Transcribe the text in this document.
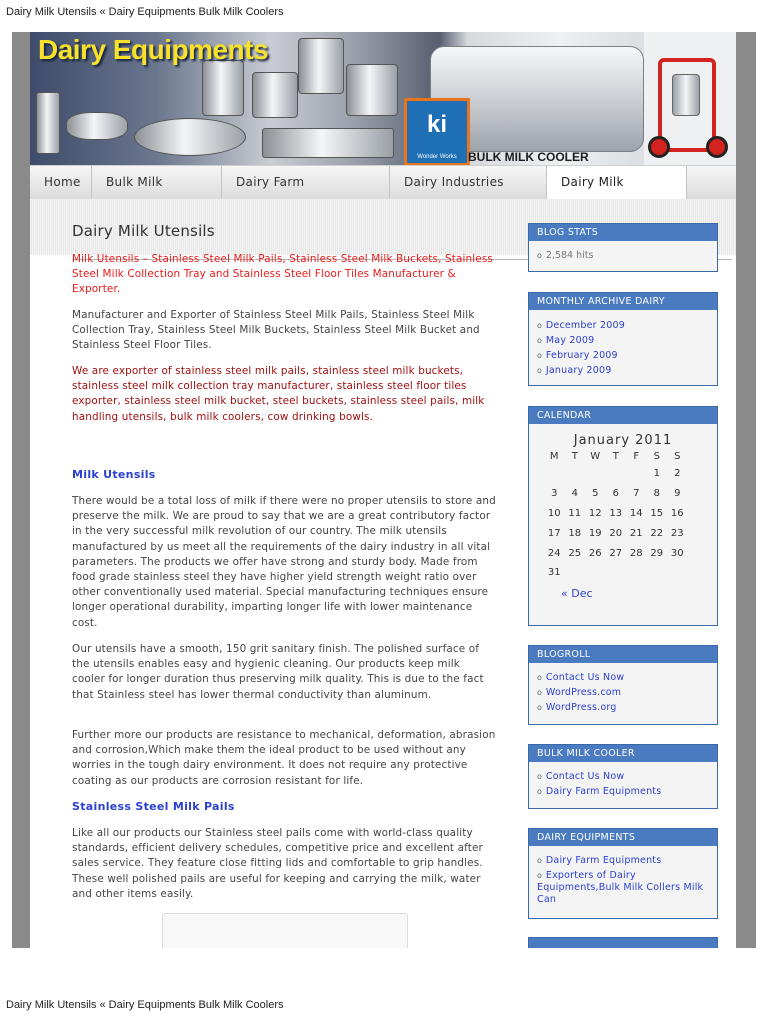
Dairy Milk Utensils « Dairy Equipments Bulk Milk Coolers
Dairy Equipments
ki
Wonder Works BULK MILK COOLER
Home	Bulk Milk	Dairy Farm	Dairy Industries	Dairy Milk
Dairy Milk Utensils

Milk Utensils – Stainless Steel Milk Pails, Stainless Steel Milk Buckets, Stainless Steel Milk Collection Tray and Stainless Steel Floor Tiles Manufacturer & Exporter.

Manufacturer and Exporter of Stainless Steel Milk Pails, Stainless Steel Milk Collection Tray, Stainless Steel Milk Buckets, Stainless Steel Milk Bucket and Stainless Steel Floor Tiles.

We are exporter of stainless steel milk pails, stainless steel milk buckets, stainless steel milk collection tray manufacturer, stainless steel floor tiles exporter, stainless steel milk bucket, steel buckets, stainless steel pails, milk handling utensils, bulk milk coolers, cow drinking bowls.

Milk Utensils

There would be a total loss of milk if there were no proper utensils to store and preserve the milk. We are proud to say that we are a great contributory factor in the very successful milk revolution of our country. The milk utensils manufactured by us meet all the requirements of the dairy industry in all vital parameters. The products we offer have strong and sturdy body. Made from food grade stainless steel they have higher yield strength weight ratio over other conventionally used material. Special manufacturing techniques ensure longer operational durability, imparting longer life with lower maintenance cost.

Our utensils have a smooth, 150 grit sanitary finish. The polished surface of the utensils enables easy and hygienic cleaning. Our products keep milk cooler for longer duration thus preserving milk quality. This is due to the fact that Stainless steel has lower thermal conductivity than aluminum.

Further more our products are resistance to mechanical, deformation, abrasion and corrosion,Which make them the ideal product to be used without any worries in the tough dairy environment. It does not require any protective coating as our products are corrosion resistant for life.

Stainless Steel Milk Pails

Like all our products our Stainless steel pails come with world-class quality standards, efficient delivery schedules, competitive price and excellent after sales service. They feature close fitting lids and comfortable to grip handles. These well polished pails are useful for keeping and carrying the milk, water and other items easily.

BLOG STATS
o 2,584 hits
MONTHLY ARCHIVE DAIRY
o December 2009
o May 2009
o February 2009
o January 2009
CALENDAR
January 2011
M	T	W	T	F	S	S
					1	2
3	4	5	6	7	8	9
10	11	12	13	14	15	16
17	18	19	20	21	22	23
24	25	26	27	28	29	30
31						
« Dec
BLOGROLL
o Contact Us Now
o WordPress.com
o WordPress.org
BULK MILK COOLER
o Contact Us Now
o Dairy Farm Equipments
DAIRY EQUIPMENTS
o Dairy Farm Equipments
o Exporters of Dairy Equipments,Bulk Milk Collers Milk Can
Dairy Milk Utensils « Dairy Equipments Bulk Milk Coolers
